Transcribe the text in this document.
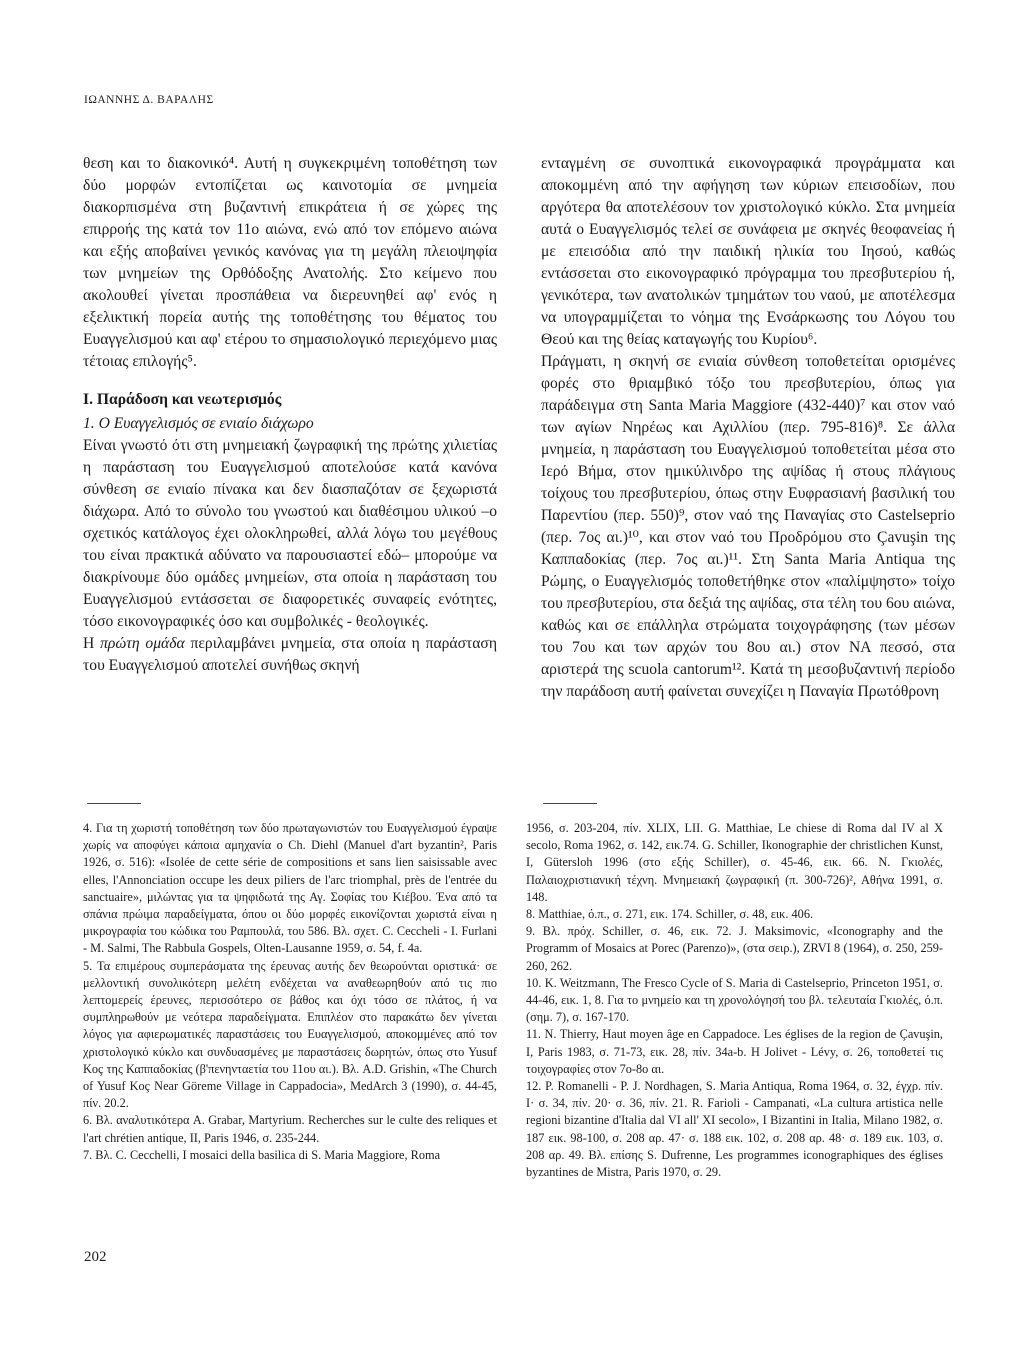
ΙΩΑΝΝΗΣ Δ. ΒΑΡΑΛΗΣ

θεση και το διακονικό⁴. Αυτή η συγκεκριμένη τοποθέτηση των δύο μορφών εντοπίζεται ως καινοτομία σε μνημεία διακορπισμένα στη βυζαντινή επικράτεια ή σε χώρες της επιρροής της κατά τον 11ο αιώνα, ενώ από τον επόμενο αιώνα και εξής αποβαίνει γενικός κανόνας για τη μεγάλη πλειοψηφία των μνημείων της Ορθόδοξης Ανατολής. Στο κείμενο που ακολουθεί γίνεται προσπάθεια να διερευνηθεί αφ' ενός η εξελικτική πορεία αυτής της τοποθέτησης του θέματος του Ευαγγελισμού και αφ' ετέρου το σημασιολογικό περιεχόμενο μιας τέτοιας επιλογής⁵.

Ι. Παράδοση και νεωτερισμός

1. Ο Ευαγγελισμός σε ενιαίο διάχωρο

Είναι γνωστό ότι στη μνημειακή ζωγραφική της πρώτης χιλιετίας η παράσταση του Ευαγγελισμού αποτελούσε κατά κανόνα σύνθεση σε ενιαίο πίνακα και δεν διασπαζόταν σε ξεχωριστά διάχωρα. Από το σύνολο του γνωστού και διαθέσιμου υλικού –ο σχετικός κατάλογος έχει ολοκληρωθεί, αλλά λόγω του μεγέθους του είναι πρακτικά αδύνατο να παρουσιαστεί εδώ– μπορούμε να διακρίνουμε δύο ομάδες μνημείων, στα οποία η παράσταση του Ευαγγελισμού εντάσσεται σε διαφορετικές συναφείς ενότητες, τόσο εικονογραφικές όσο και συμβολικές - θεολογικές.

Η πρώτη ομάδα περιλαμβάνει μνημεία, στα οποία η παράσταση του Ευαγγελισμού αποτελεί συνήθως σκηνή

ενταγμένη σε συνοπτικά εικονογραφικά προγράμματα και αποκομμένη από την αφήγηση των κύριων επεισοδίων, που αργότερα θα αποτελέσουν τον χριστολογικό κύκλο. Στα μνημεία αυτά ο Ευαγγελισμός τελεί σε συνάφεια με σκηνές θεοφανείας ή με επεισόδια από την παιδική ηλικία του Ιησού, καθώς εντάσσεται στο εικονογραφικό πρόγραμμα του πρεσβυτερίου ή, γενικότερα, των ανατολικών τμημάτων του ναού, με αποτέλεσμα να υπογραμμίζεται το νόημα της Ενσάρκωσης του Λόγου του Θεού και της θείας καταγωγής του Κυρίου⁶.

Πράγματι, η σκηνή σε ενιαία σύνθεση τοποθετείται ορισμένες φορές στο θριαμβικό τόξο του πρεσβυτερίου, όπως για παράδειγμα στη Santa Maria Maggiore (432-440)⁷ και στον ναό των αγίων Νηρέως και Αχιλλίου (περ. 795-816)⁸. Σε άλλα μνημεία, η παράσταση του Ευαγγελισμού τοποθετείται μέσα στο Ιερό Βήμα, στον ημικύλινδρο της αψίδας ή στους πλάγιους τοίχους του πρεσβυτερίου, όπως στην Ευφρασιανή βασιλική του Παρεντίου (περ. 550)⁹, στον ναό της Παναγίας στο Castelseprio (περ. 7ος αι.)¹⁰, και στον ναό του Προδρόμου στο Çavuşin της Καππαδοκίας (περ. 7ος αι.)¹¹. Στη Santa Maria Antiqua της Ρώμης, ο Ευαγγελισμός τοποθετήθηκε στον «παλίμψηστο» τοίχο του πρεσβυτερίου, στα δεξιά της αψίδας, στα τέλη του 6ου αιώνα, καθώς και σε επάλληλα στρώματα τοιχογράφησης (των μέσων του 7ου και των αρχών του 8ου αι.) στον ΝΑ πεσσό, στα αριστερά της scuola cantorum¹². Κατά τη μεσοβυζαντινή περίοδο την παράδοση αυτή φαίνεται συνεχίζει η Παναγία Πρωτόθρονη

4. Για τη χωριστή τοποθέτηση των δύο πρωταγωνιστών του Ευαγγελισμού έγραψε χωρίς να αποφύγει κάποια αμηχανία ο Ch. Diehl (Manuel d'art byzantin², Paris 1926, σ. 516): «Isolée de cette série de compositions et sans lien saisissable avec elles, l'Annonciation occupe les deux piliers de l'arc triomphal, près de l'entrée du sanctuaire», μιλώντας για τα ψηφιδωτά της Αγ. Σοφίας του Κιέβου. Ένα από τα σπάνια πρώιμα παραδείγματα, όπου οι δύο μορφές εικονίζονται χωριστά είναι η μικρογραφία του κώδικα του Ραμπουλά, του 586. Βλ. σχετ. C. Ceccheli - I. Furlani - M. Salmi, The Rabbula Gospels, Olten-Lausanne 1959, σ. 54, f. 4a.

5. Τα επιμέρους συμπεράσματα της έρευνας αυτής δεν θεωρούνται οριστικά· σε μελλοντική συνολικότερη μελέτη ενδέχεται να αναθεωρηθούν από τις πιο λεπτομερείς έρευνες, περισσότερο σε βάθος και όχι τόσο σε πλάτος, ή να συμπληρωθούν με νεότερα παραδείγματα. Επιπλέον στο παρακάτω δεν γίνεται λόγος για αφιερωματικές παραστάσεις του Ευαγγελισμού, αποκομμένες από τον χριστολογικό κύκλο και συνδυασμένες με παραστάσεις δωρητών, όπως στο Yusuf Koç της Καππαδοκίας (β'πενηνταετία του 11ου αι.). Βλ. A.D. Grishin, «The Church of Yusuf Koç Near Göreme Village in Cappadocia», MedArch 3 (1990), σ. 44-45, πίν. 20.2.

6. Βλ. αναλυτικότερα A. Grabar, Martyrium. Recherches sur le culte des reliques et l'art chrétien antique, II, Paris 1946, σ. 235-244.

7. Βλ. C. Cecchelli, I mosaici della basilica di S. Maria Maggiore, Roma

1956, σ. 203-204, πίν. XLIX, LII. G. Matthiae, Le chiese di Roma dal IV al X secolo, Roma 1962, σ. 142, εικ.74. G. Schiller, Ikonographie der christlichen Kunst, I, Gütersloh 1996 (στο εξής Schiller), σ. 45-46, εικ. 66. Ν. Γκιολές, Παλαιοχριστιανική τέχνη. Μνημειακή ζωγραφική (π. 300-726)², Αθήνα 1991, σ. 148.

8. Matthiae, ό.π., σ. 271, εικ. 174. Schiller, σ. 48, εικ. 406.

9. Βλ. πρόχ. Schiller, σ. 46, εικ. 72. J. Maksimovic, «Iconography and the Programm of Mosaics at Porec (Parenzo)», (στα σειρ.), ZRVI 8 (1964), σ. 250, 259-260, 262.

10. K. Weitzmann, The Fresco Cycle of S. Maria di Castelseprio, Princeton 1951, σ. 44-46, εικ. 1, 8. Για το μνημείο και τη χρονολόγησή του βλ. τελευταία Γκιολές, ό.π. (σημ. 7), σ. 167-170.

11. N. Thierry, Haut moyen âge en Cappadoce. Les églises de la region de Çavuşin, I, Paris 1983, σ. 71-73, εικ. 28, πίν. 34a-b. H Jolivet - Lévy, σ. 26, τοποθετεί τις τοιχογραφίες στον 7ο-8ο αι.

12. P. Romanelli - P. J. Nordhagen, S. Maria Antiqua, Roma 1964, σ. 32, έγχρ. πίν. I· σ. 34, πίν. 20· σ. 36, πίν. 21. R. Farioli - Campanati, «La cultura artistica nelle regioni bizantine d'Italia dal VI all' XI secolo», I Bizantini in Italia, Milano 1982, σ. 187 εικ. 98-100, σ. 208 αρ. 47· σ. 188 εικ. 102, σ. 208 αρ. 48· σ. 189 εικ. 103, σ. 208 αρ. 49. Βλ. επίσης S. Dufrenne, Les programmes iconographiques des églises byzantines de Mistra, Paris 1970, σ. 29.

202
